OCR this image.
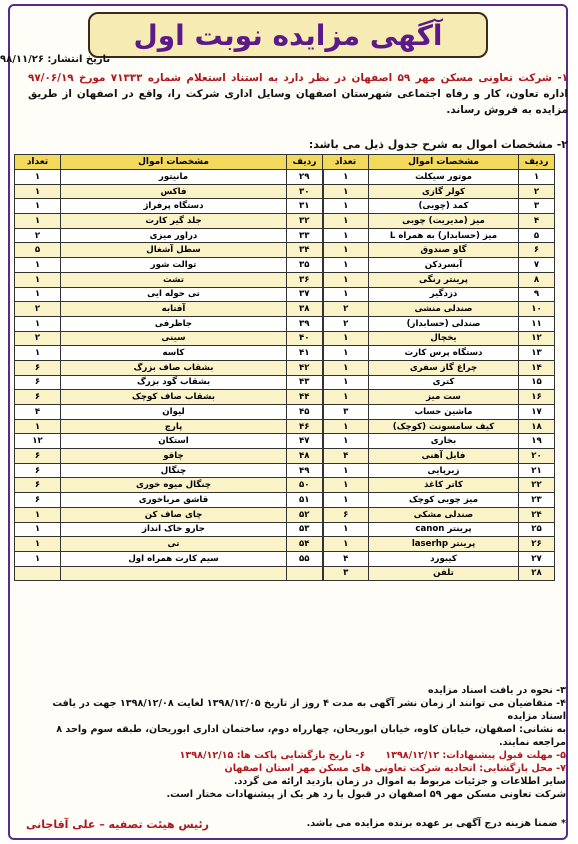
آگهی مزایده نوبت اول
تاریخ انتشار: ۹۸/۱۱/۲۶
۱- شرکت تعاونی مسکن مهر ۵۹ اصفهان در نظر دارد به استناد استعلام شماره ۷۱۳۳۳ مورخ ۹۷/۰۶/۱۹ اداره تعاون، کار و رفاه اجتماعی شهرستان اصفهان وسایل اداری شرکت را، واقع در اصفهان از طریق مزایده به فروش رساند.
۲- مشخصات اموال به شرح جدول ذیل می باشد:
ردیف	مشخصات اموال	تعداد	ردیف	مشخصات اموال	تعداد
۱	موتور سیکلت	۱	۲۹	مانیتور	۱
۲	کولر گازی	۱	۳۰	فاکس	۱
۳	کمد (چوبی)	۱	۳۱	دستگاه پرفراژ	۱
۴	میز (مدیریت) چوبی	۱	۳۲	جلد گیر کارت	۱
۵	میز (حسابدار) به همراه L	۱	۳۳	دراور میزی	۲
۶	گاو صندوق	۱	۳۴	سطل آشغال	۵
۷	آبسردکن	۱	۳۵	توالت شور	۱
۸	پرینتر رنگی	۱	۳۶	تشت	۱
۹	دزدگیر	۱	۳۷	تی حوله ایی	۱
۱۰	صندلی منشی	۲	۳۸	آفتابه	۲
۱۱	صندلی (حسابدار)	۲	۳۹	جاظرفی	۱
۱۲	یخچال	۱	۴۰	سینی	۲
۱۳	دستگاه پرس کارت	۱	۴۱	کاسه	۱
۱۴	چراغ گاز سفری	۱	۴۲	بشقاب صاف بزرگ	۶
۱۵	کتری	۱	۴۳	بشقاب گود بزرگ	۶
۱۶	ست میز	۱	۴۴	بشقاب صاف کوچک	۶
۱۷	ماشین حساب	۳	۴۵	لیوان	۴
۱۸	کیف سامسونت (کوچک)	۱	۴۶	پارچ	۱
۱۹	بخاری	۱	۴۷	استکان	۱۲
۲۰	فایل آهنی	۴	۴۸	چاقو	۶
۲۱	زیرپایی	۱	۴۹	چنگال	۶
۲۲	کاتر کاغذ	۱	۵۰	چنگال میوه خوری	۶
۲۳	میز چوبی کوچک	۱	۵۱	قاشق مرباخوری	۶
۲۴	صندلی مشکی	۶	۵۲	چای صاف کن	۱
۲۵	پرینتر canon	۱	۵۳	جارو خاک انداز	۱
۲۶	پرینتر laserhp	۱	۵۴	تی	۱
۲۷	کیبورد	۴	۵۵	سیم کارت همراه اول	۱
۲۸	تلفن	۳			
۳- نحوه در یافت اسناد مزایده
۴- متقاضیان می توانند از زمان نشر آگهی به مدت ۴ روز از تاریخ ۱۳۹۸/۱۲/۰۵ لغایت ۱۳۹۸/۱۲/۰۸ جهت در یافت اسناد مزایده
به نشانی: اصفهان، خیابان کاوه، خیابان ابوریحان، چهارراه دوم، ساختمان اداری ابوریحان، طبقه سوم واحد ۸ مراجعه نمایند.
۵- مهلت قبول پیشنهادات: ۱۳۹۸/۱۲/۱۲      ۶- تاریخ بازگشایی پاکت ها: ۱۳۹۸/۱۲/۱۵
۷- محل بازگشایی: اتحادیه شرکت تعاونی های مسکن مهر استان اصفهان
سایر اطلاعات و جزئیات مربوط به اموال در زمان بازدید ارائه می گردد.
شرکت تعاونی مسکن مهر ۵۹ اصفهان در قبول یا رد هر یک از پیشنهادات مختار است.
* ضمنا هزینه درج آگهی بر عهده برنده مزایده می باشد.
رئیس هیئت تصفیه – علی آقاجانی
